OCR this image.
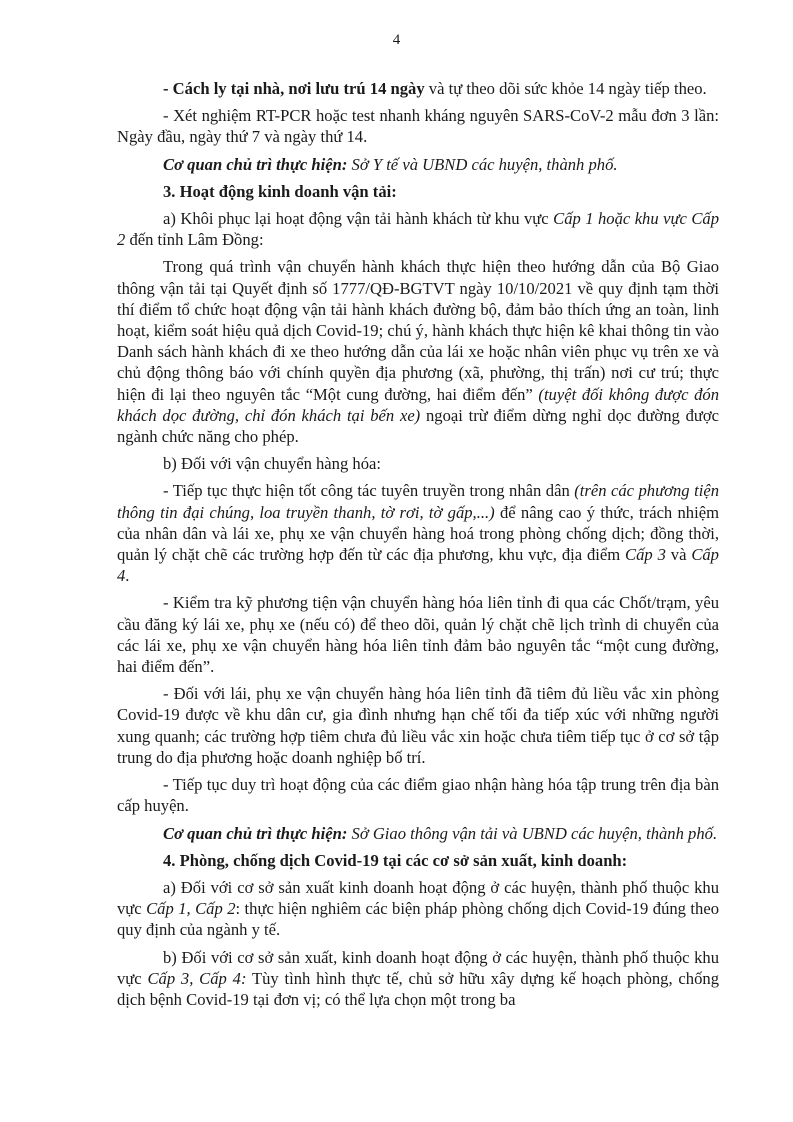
4

- Cách ly tại nhà, nơi lưu trú 14 ngày và tự theo dõi sức khỏe 14 ngày tiếp theo.

- Xét nghiệm RT-PCR hoặc test nhanh kháng nguyên SARS-CoV-2 mẫu đơn 3 lần: Ngày đầu, ngày thứ 7 và ngày thứ 14.

Cơ quan chủ trì thực hiện: Sở Y tế và UBND các huyện, thành phố.

3. Hoạt động kinh doanh vận tải:

a) Khôi phục lại hoạt động vận tải hành khách từ khu vực Cấp 1 hoặc khu vực Cấp 2 đến tỉnh Lâm Đồng:

Trong quá trình vận chuyển hành khách thực hiện theo hướng dẫn của Bộ Giao thông vận tải tại Quyết định số 1777/QĐ-BGTVT ngày 10/10/2021 về quy định tạm thời thí điểm tổ chức hoạt động vận tải hành khách đường bộ, đảm bảo thích ứng an toàn, linh hoạt, kiểm soát hiệu quả dịch Covid-19; chú ý, hành khách thực hiện kê khai thông tin vào Danh sách hành khách đi xe theo hướng dẫn của lái xe hoặc nhân viên phục vụ trên xe và chủ động thông báo với chính quyền địa phương (xã, phường, thị trấn) nơi cư trú; thực hiện đi lại theo nguyên tắc “Một cung đường, hai điểm đến” (tuyệt đối không được đón khách dọc đường, chỉ đón khách tại bến xe) ngoại trừ điểm dừng nghỉ dọc đường được ngành chức năng cho phép.

b) Đối với vận chuyển hàng hóa:

- Tiếp tục thực hiện tốt công tác tuyên truyền trong nhân dân (trên các phương tiện thông tin đại chúng, loa truyền thanh, tờ rơi, tờ gấp,...) để nâng cao ý thức, trách nhiệm của nhân dân và lái xe, phụ xe vận chuyển hàng hoá trong phòng chống dịch; đồng thời, quản lý chặt chẽ các trường hợp đến từ các địa phương, khu vực, địa điểm Cấp 3 và Cấp 4.

- Kiểm tra kỹ phương tiện vận chuyển hàng hóa liên tỉnh đi qua các Chốt/trạm, yêu cầu đăng ký lái xe, phụ xe (nếu có) để theo dõi, quản lý chặt chẽ lịch trình di chuyển của các lái xe, phụ xe vận chuyển hàng hóa liên tỉnh đảm bảo nguyên tắc “một cung đường, hai điểm đến”.

- Đối với lái, phụ xe vận chuyển hàng hóa liên tỉnh đã tiêm đủ liều vắc xin phòng Covid-19 được về khu dân cư, gia đình nhưng hạn chế tối đa tiếp xúc với những người xung quanh; các trường hợp tiêm chưa đủ liều vắc xin hoặc chưa tiêm tiếp tục ở cơ sở tập trung do địa phương hoặc doanh nghiệp bố trí.

- Tiếp tục duy trì hoạt động của các điểm giao nhận hàng hóa tập trung trên địa bàn cấp huyện.

Cơ quan chủ trì thực hiện: Sở Giao thông vận tải và UBND các huyện, thành phố.

4. Phòng, chống dịch Covid-19 tại các cơ sở sản xuất, kinh doanh:

a) Đối với cơ sở sản xuất kinh doanh hoạt động ở các huyện, thành phố thuộc khu vực Cấp 1, Cấp 2: thực hiện nghiêm các biện pháp phòng chống dịch Covid-19 đúng theo quy định của ngành y tế.

b) Đối với cơ sở sản xuất, kinh doanh hoạt động ở các huyện, thành phố thuộc khu vực Cấp 3, Cấp 4: Tùy tình hình thực tế, chủ sở hữu xây dựng kế hoạch phòng, chống dịch bệnh Covid-19 tại đơn vị; có thể lựa chọn một trong ba
